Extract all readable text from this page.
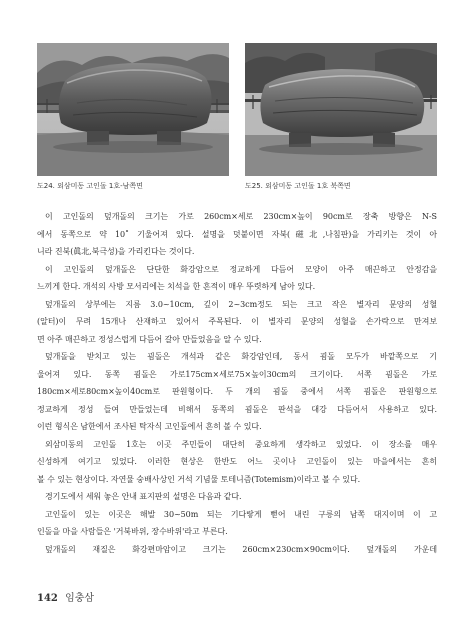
도24. 외삼미동 고인돌 1호-남쪽면	도25. 외삼미동 고인돌 1호 북쪽면

이 고인돌의 덮개돌의 크기는 가로 260cm×세로 230cm×높이 90cm로 장축 방향은 N-S
에서 동쪽으로 약 10˚ 기울어져 있다. 설명을 덧붙이면 자북(磁北,나침판)을 가리키는 것이 아
니라 진북(眞北,북극성)을 가리킨다는 것이다.

이 고인돌의 덮개돌은 단단한 화강암으로 정교하게 다듬어 모양이 아주 매끈하고 안정감을
느끼게 한다. 개석의 사방 모서리에는 치석을 한 흔적이 매우 뚜렷하게 남아 있다.

덮개돌의 상부에는 지름 3.0~10cm, 깊이 2~3cm정도 되는 크고 작은 별자리 문양의 성혈
(알터)이 무려 15개나 산재하고 있어서 주목된다. 이 별자리 문양의 성혈을 손가락으로 만져보
면 아주 매끈하고 정성스럽게 다듬어 갈아 만들었음을 알 수 있다.

덮개돌을 받치고 있는 굄돌은 개석과 같은 화강암인데, 동서 굄돌 모두가 바깥쪽으로 기
울어져 있다. 동쪽 굄돌은 가로175cm×세로75×높이30cm의 크기이다. 서쪽 굄돌은 가로
180cm×세로80cm×높이40cm로 판원형이다. 두 개의 굄돌 중에서 서쪽 굄돌은 판원형으로
정교하게 정성 들여 만들었는데 비해서 동쪽의 굄돌은 판석을 대강 다듬어서 사용하고 있다.
이런 형식은 남한에서 조사된 탁자식 고인돌에서 흔히 볼 수 있다.

외삼미동의 고인돌 1호는 이곳 주민들이 대단히 중요하게 생각하고 있었다. 이 장소를 매우
신성하게 여기고 있었다. 이러한 현상은 한반도 어느 곳이나 고인돌이 있는 마을에서는 흔히
볼 수 있는 현상이다. 자연물 숭배사상인 거석 기념물 토테니즘(Totemism)이라고 볼 수 있다.

경기도에서 세워 놓은 안내 표지판의 설명은 다음과 같다.

고인돌이 있는 이곳은 해발 30~50m 되는 기다랗게 뻗어 내린 구릉의 남쪽 대지이며 이 고
인돌을 마을 사람들은 '거북바위, 장수바위'라고 부른다.

덮개돌의 재질은 화강편마암이고 크기는 260cm×230cm×90cm이다. 덮개돌의 가운데

142 임충삼
